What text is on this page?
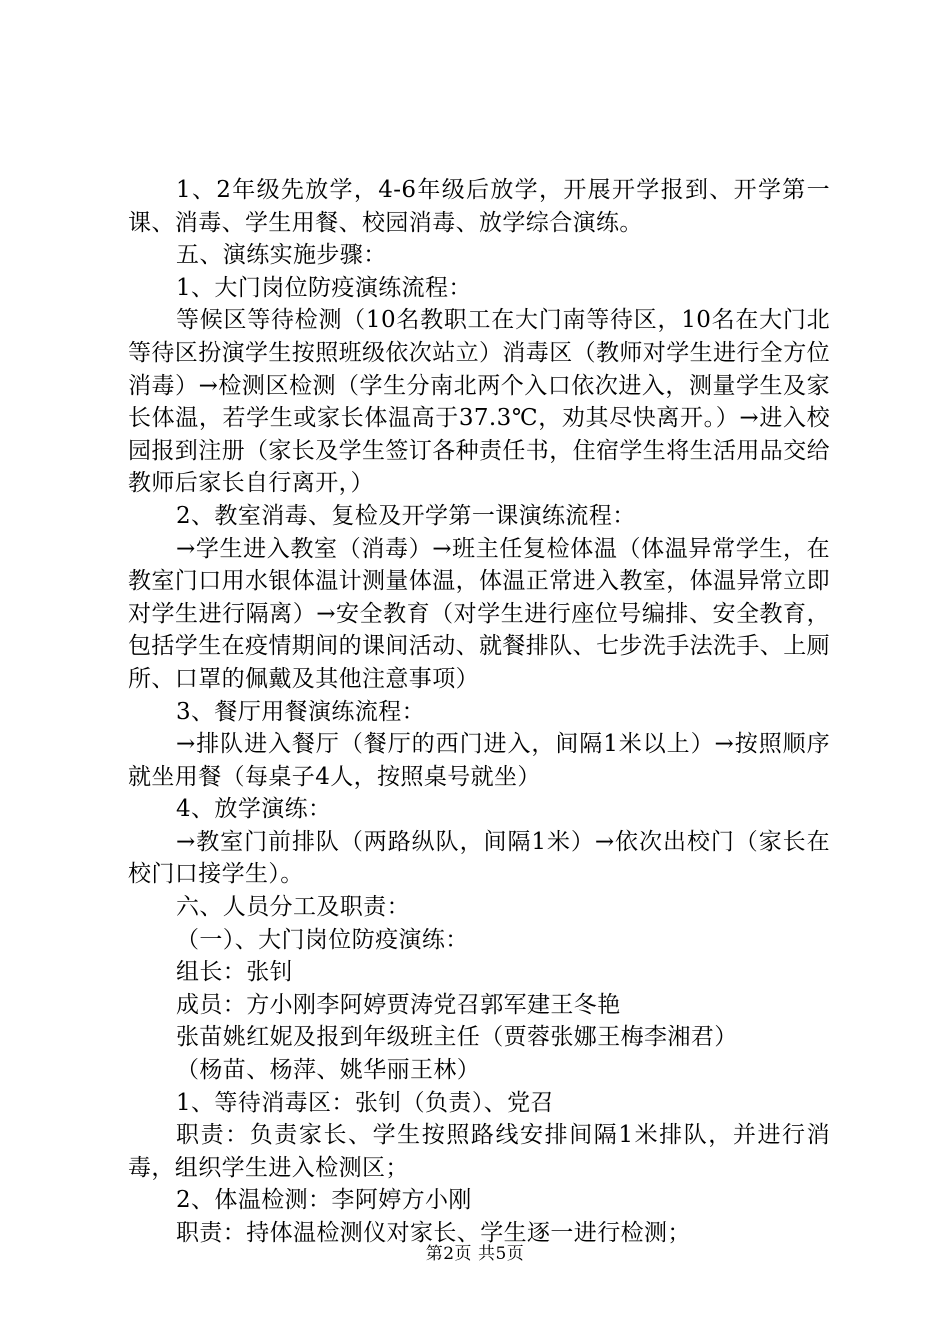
1、2年级先放学，4-6年级后放学，开展开学报到、开学第一课、消毒、学生用餐、校园消毒、放学综合演练。

五、演练实施步骤：

1、大门岗位防疫演练流程：

等候区等待检测（10名教职工在大门南等待区，10名在大门北等待区扮演学生按照班级依次站立）消毒区（教师对学生进行全方位消毒）→检测区检测（学生分南北两个入口依次进入，测量学生及家长体温，若学生或家长体温高于37.3℃，劝其尽快离开。）→进入校园报到注册（家长及学生签订各种责任书，住宿学生将生活用品交给教师后家长自行离开，）

2、教室消毒、复检及开学第一课演练流程：

→学生进入教室（消毒）→班主任复检体温（体温异常学生，在教室门口用水银体温计测量体温，体温正常进入教室，体温异常立即对学生进行隔离）→安全教育（对学生进行座位号编排、安全教育，包括学生在疫情期间的课间活动、就餐排队、七步洗手法洗手、上厕所、口罩的佩戴及其他注意事项）

3、餐厅用餐演练流程：

→排队进入餐厅（餐厅的西门进入，间隔1米以上）→按照顺序就坐用餐（每桌子4人，按照桌号就坐）

4、放学演练：

→教室门前排队（两路纵队，间隔1米）→依次出校门（家长在校门口接学生）。

六、人员分工及职责：

（一）、大门岗位防疫演练：

组长：张钊

成员：方小刚李阿婷贾涛党召郭军建王冬艳

张苗姚红妮及报到年级班主任（贾蓉张娜王梅李湘君）

（杨苗、杨萍、姚华丽王林）

1、等待消毒区：张钊（负责）、党召

职责：负责家长、学生按照路线安排间隔1米排队，并进行消毒，组织学生进入检测区；

2、体温检测：李阿婷方小刚

职责：持体温检测仪对家长、学生逐一进行检测；

第2页 共5页
